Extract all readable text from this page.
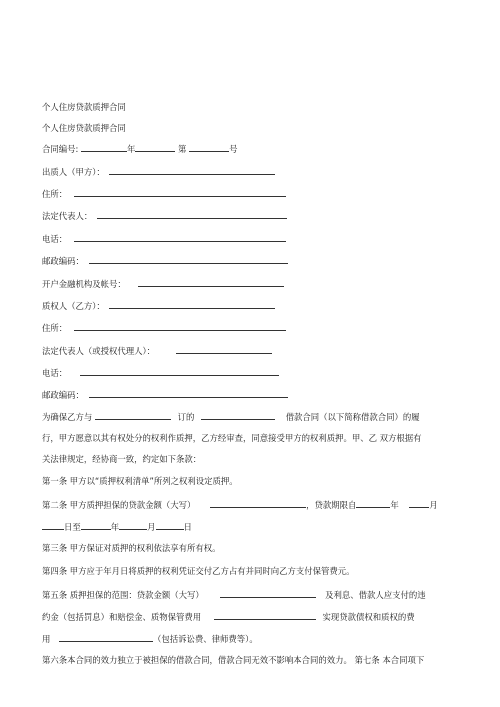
个人住房贷款质押合同
个人住房贷款质押合同
合同编号:	年	第	号
出质人（甲方）：
住所：
法定代表人：
电话：
邮政编码：
开户金融机构及帐号：
质权人（乙方）：
住所：
法定代表人（或授权代理人）：
电话：
邮政编码：
为确保乙方与	订的	借款合同（以下简称借款合同）的履
行，甲方愿意以其有权处分的权利作质押，乙方经审查，同意接受甲方的权利质押。甲、乙 双方根据有
关法律规定，经协商一致，约定如下条款：
第一条 甲方以“质押权利清单”所列之权利设定质押。
第二条 甲方质押担保的贷款金额（大写）	，贷款期限自	年	月
日至	年	月	日
第三条 甲方保证对质押的权利依法享有所有权。
第四条 甲方应于年月日将质押的权利凭证交付乙方占有并同时向乙方支付保管费元。
第五条 质押担保的范围：贷款金额（大写）	及利息、借款人应支付的违
约金（包括罚息）和赔偿金、质物保管费用	实现贷款债权和质权的费
用	（包括诉讼费、律师费等）。
第六条本合同的效力独立于被担保的借款合同，借款合同无效不影响本合同的效力。 第七条 本合同项下
